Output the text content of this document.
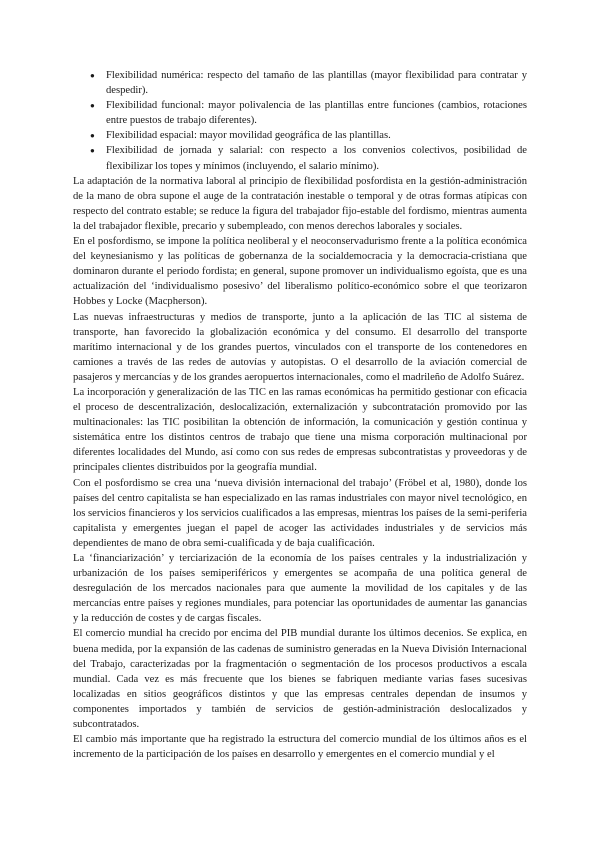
● Flexibilidad numérica: respecto del tamaño de las plantillas (mayor flexibilidad para contratar y despedir).
● Flexibilidad funcional: mayor polivalencia de las plantillas entre funciones (cambios, rotaciones entre puestos de trabajo diferentes).
● Flexibilidad espacial: mayor movilidad geográfica de las plantillas.
● Flexibilidad de jornada y salarial: con respecto a los convenios colectivos, posibilidad de flexibilizar los topes y mínimos (incluyendo, el salario mínimo).

La adaptación de la normativa laboral al principio de flexibilidad posfordista en la gestión-administración de la mano de obra supone el auge de la contratación inestable o temporal y de otras formas atípicas con respecto del contrato estable; se reduce la figura del trabajador fijo-estable del fordismo, mientras aumenta la del trabajador flexible, precario y subempleado, con menos derechos laborales y sociales.

En el posfordismo, se impone la política neoliberal y el neoconservadurismo frente a la política económica del keynesianismo y las políticas de gobernanza de la socialdemocracia y la democracia-cristiana que dominaron durante el periodo fordista; en general, supone promover un individualismo egoísta, que es una actualización del ‘individualismo posesivo’ del liberalismo político-económico sobre el que teorizaron Hobbes y Locke (Macpherson).

Las nuevas infraestructuras y medios de transporte, junto a la aplicación de las TIC al sistema de transporte, han favorecido la globalización económica y del consumo. El desarrollo del transporte marítimo internacional y de los grandes puertos, vinculados con el transporte de los contenedores en camiones a través de las redes de autovías y autopistas. O el desarrollo de la aviación comercial de pasajeros y mercancías y de los grandes aeropuertos internacionales, como el madrileño de Adolfo Suárez.

La incorporación y generalización de las TIC en las ramas económicas ha permitido gestionar con eficacia el proceso de descentralización, deslocalización, externalización y subcontratación promovido por las multinacionales: las TIC posibilitan la obtención de información, la comunicación y gestión continua y sistemática entre los distintos centros de trabajo que tiene una misma corporación multinacional por diferentes localidades del Mundo, así como con sus redes de empresas subcontratistas y proveedoras y de principales clientes distribuidos por la geografía mundial.

Con el posfordismo se crea una ‘nueva división internacional del trabajo’ (Fröbel et al, 1980), donde los países del centro capitalista se han especializado en las ramas industriales con mayor nivel tecnológico, en los servicios financieros y los servicios cualificados a las empresas, mientras los países de la semi-periferia capitalista y emergentes juegan el papel de acoger las actividades industriales y de servicios más dependientes de mano de obra semi-cualificada y de baja cualificación.

La ‘financiarización’ y terciarización de la economía de los países centrales y la industrialización y urbanización de los países semiperiféricos y emergentes se acompaña de una política general de desregulación de los mercados nacionales para que aumente la movilidad de los capitales y de las mercancías entre países y regiones mundiales, para potenciar las oportunidades de aumentar las ganancias y la reducción de costes y de cargas fiscales.

El comercio mundial ha crecido por encima del PIB mundial durante los últimos decenios. Se explica, en buena medida, por la expansión de las cadenas de suministro generadas en la Nueva División Internacional del Trabajo, caracterizadas por la fragmentación o segmentación de los procesos productivos a escala mundial. Cada vez es más frecuente que los bienes se fabriquen mediante varias fases sucesivas localizadas en sitios geográficos distintos y que las empresas centrales dependan de insumos y componentes importados y también de servicios de gestión-administración deslocalizados y subcontratados.

El cambio más importante que ha registrado la estructura del comercio mundial de los últimos años es el incremento de la participación de los países en desarrollo y emergentes en el comercio mundial y el
